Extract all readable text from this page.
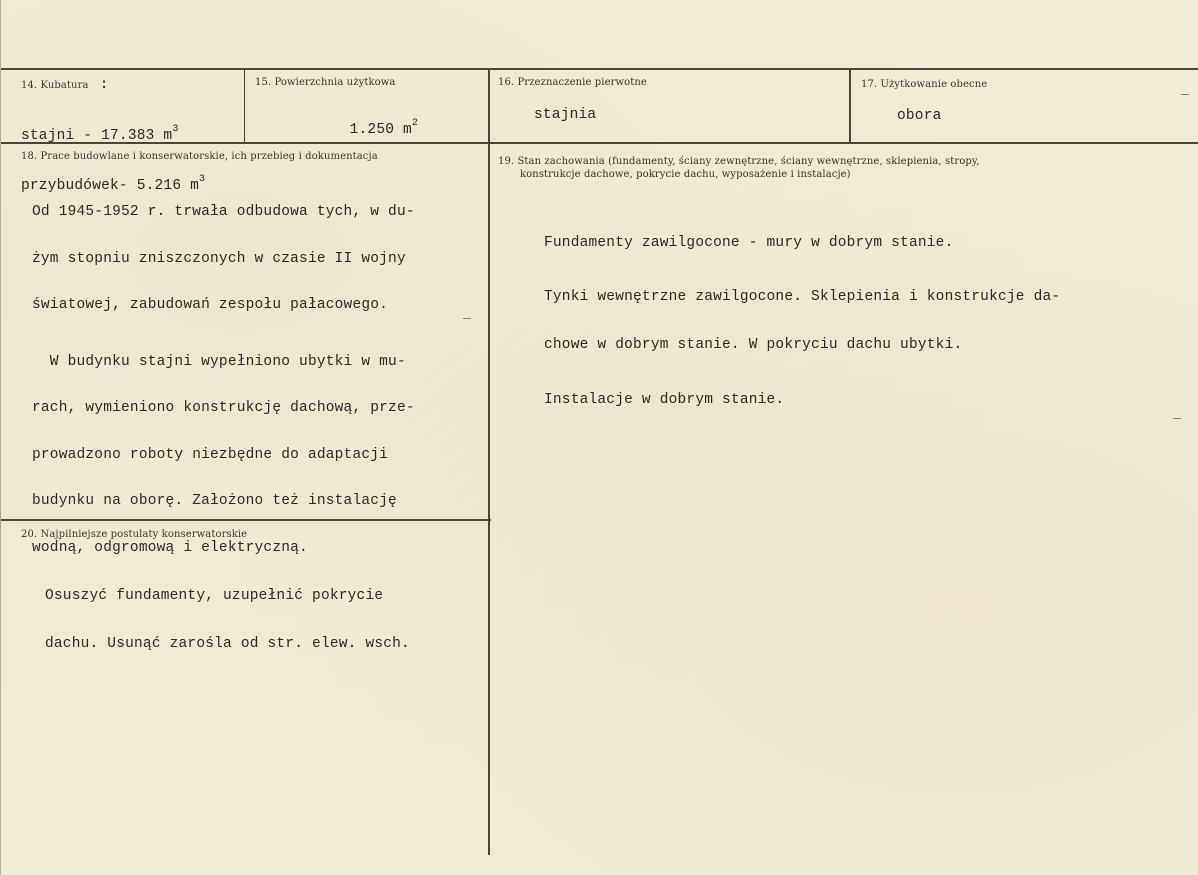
14. Kubatura :

stajni - 17.383 $m^3$

przybudówek- 5.216 $m^3$

15. Powierzchnia użytkowa

1.250 $m^2$

16. Przeznaczenie pierwotne
stajnia
17. Użytkowanie obecne
obora
18. Prace budowlane i konserwatorskie, ich przebieg i dokumentacja

Od 1945-1952 r. trwała odbudowa tych, w du-

żym stopniu zniszczonych w czasie II wojny

światowej, zabudowań zespołu pałacowego.

W budynku stajni wypełniono ubytki w mu-

rach, wymieniono konstrukcję dachową, prze-

prowadzono roboty niezbędne do adaptacji

budynku na oborę. Założono też instalację

wodną, odgromową i elektryczną.

19. Stan zachowania (fundamenty, ściany zewnętrzne, ściany wewnętrzne, sklepienia, stropy,
konstrukcje dachowe, pokrycie dachu, wyposażenie i instalacje)

Fundamenty zawilgocone - mury w dobrym stanie.

Tynki wewnętrzne zawilgocone. Sklepienia i konstrukcje da-

chowe w dobrym stanie. W pokryciu dachu ubytki.

Instalacje w dobrym stanie.

20. Najpilniejsze postulaty konserwatorskie

Osuszyć fundamenty, uzupełnić pokrycie

dachu. Usunąć zarośla od str. elew. wsch.
